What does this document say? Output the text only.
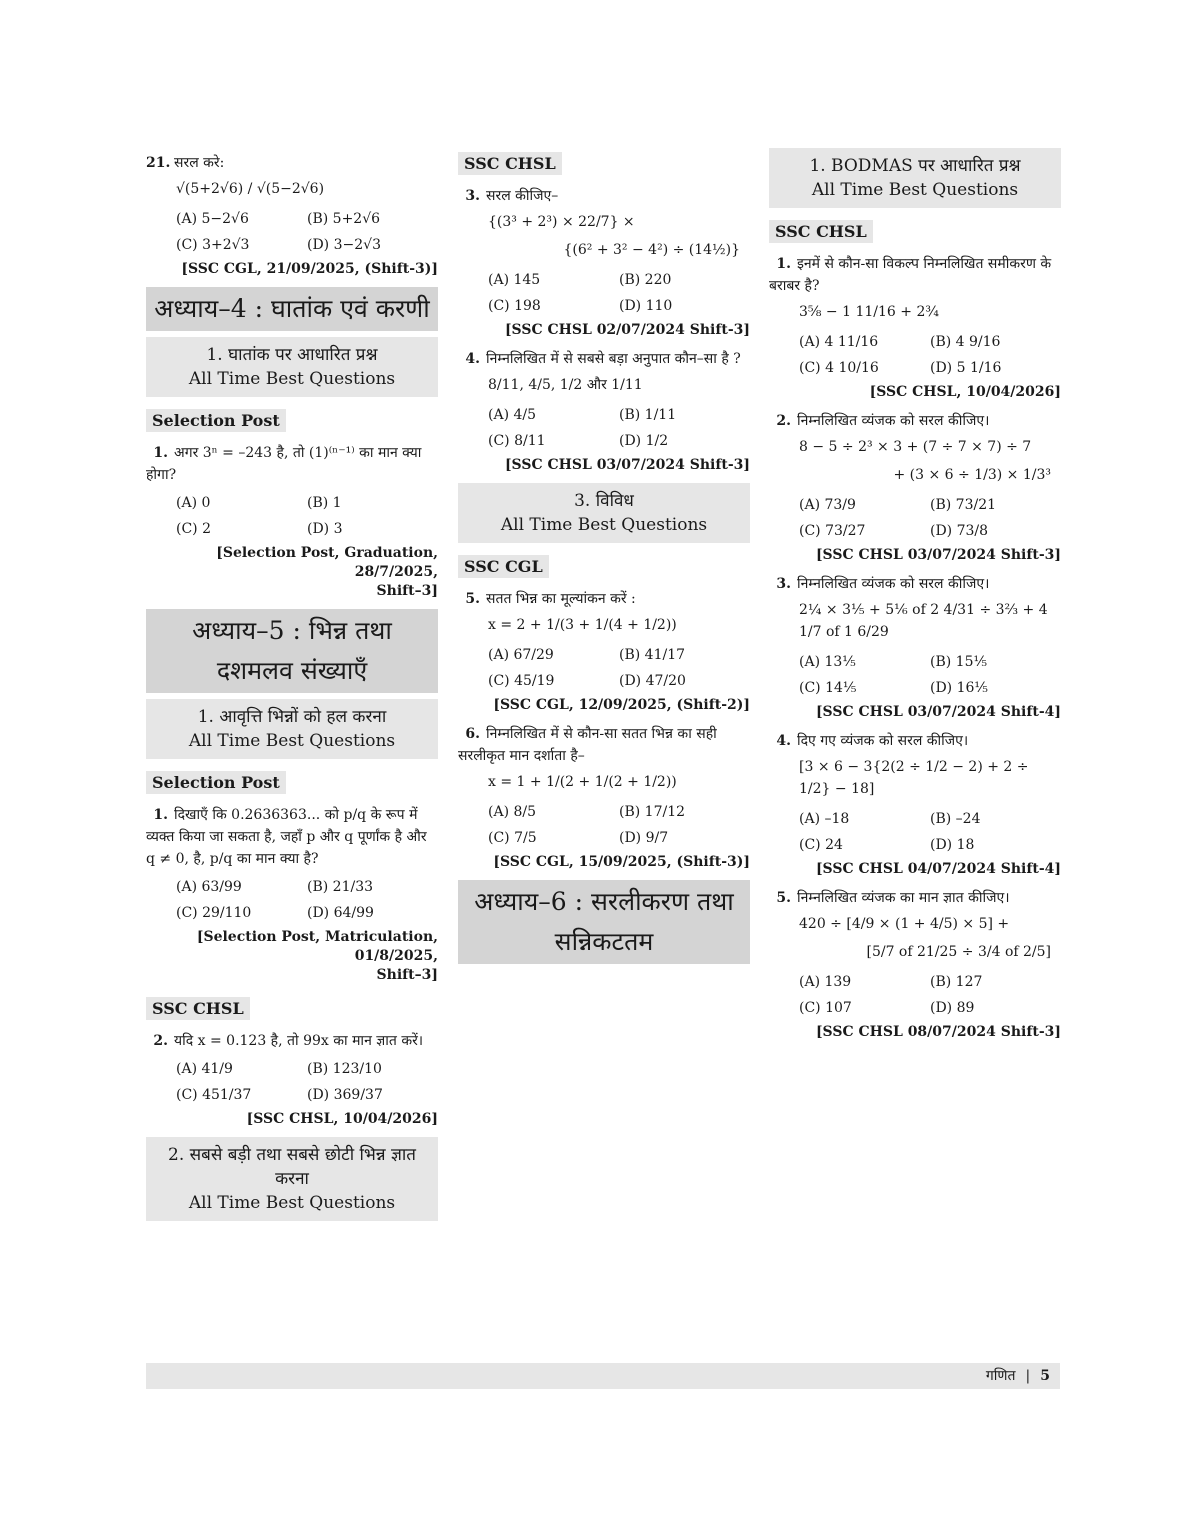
21. सरल करे:
√(5+2√6) / √(5−2√6)
(A) 5−2√6	(B) 5+2√6
(C) 3+2√3	(D) 3−2√3
[SSC CGL, 21/09/2025, (Shift-3)]
अध्याय–4 : घातांक एवं करणी
1. घातांक पर आधारित प्रश्न
All Time Best Questions
Selection Post
1. अगर 3ⁿ = –243 है, तो (1)⁽ⁿ⁻¹⁾ का मान क्या होगा?
(A) 0	(B) 1
(C) 2	(D) 3
[Selection Post, Graduation, 28/7/2025,
Shift–3]
अध्याय–5 : भिन्न तथा दशमलव संख्याएँ
1. आवृत्ति भिन्नों को हल करना
All Time Best Questions
Selection Post
1. दिखाएँ कि 0.2636363... को p/q के रूप में व्यक्त किया जा सकता है, जहाँ p और q पूर्णांक है और q ≠ 0, है, p/q का मान क्या है?
(A) 63/99	(B) 21/33
(C) 29/110	(D) 64/99
[Selection Post, Matriculation, 01/8/2025,
Shift–3]
SSC CHSL
2. यदि x = 0.123 है, तो 99x का मान ज्ञात करें।
(A) 41/9	(B) 123/10
(C) 451/37	(D) 369/37
[SSC CHSL, 10/04/2026]
2. सबसे बड़ी तथा सबसे छोटी भिन्न ज्ञात करना
All Time Best Questions
SSC CHSL
3. सरल कीजिए–
{(3³ + 2³) × 22/7} ×
{(6² + 3² − 4²) ÷ (14½)}
(A) 145	(B) 220
(C) 198	(D) 110
[SSC CHSL 02/07/2024 Shift-3]
4. निम्नलिखित में से सबसे बड़ा अनुपात कौन–सा है ?
8/11, 4/5, 1/2 और 1/11
(A) 4/5	(B) 1/11
(C) 8/11	(D) 1/2
[SSC CHSL 03/07/2024 Shift-3]
3. विविध
All Time Best Questions
SSC CGL
5. सतत भिन्न का मूल्यांकन करें :
x = 2 + 1/(3 + 1/(4 + 1/2))
(A) 67/29	(B) 41/17
(C) 45/19	(D) 47/20
[SSC CGL, 12/09/2025, (Shift-2)]
6. निम्नलिखित में से कौन-सा सतत भिन्न का सही सरलीकृत मान दर्शाता है–
x = 1 + 1/(2 + 1/(2 + 1/2))
(A) 8/5	(B) 17/12
(C) 7/5	(D) 9/7
[SSC CGL, 15/09/2025, (Shift-3)]
अध्याय–6 : सरलीकरण तथा सन्निकटतम
1. BODMAS पर आधारित प्रश्न
All Time Best Questions
SSC CHSL
1. इनमें से कौन-सा विकल्प निम्नलिखित समीकरण के बराबर है?
3⅝ − 1 11/16 + 2¾
(A) 4 11/16	(B) 4 9/16
(C) 4 10/16	(D) 5 1/16
[SSC CHSL, 10/04/2026]
2. निम्नलिखित व्यंजक को सरल कीजिए।
8 − 5 ÷ 2³ × 3 + (7 ÷ 7 × 7) ÷ 7
+ (3 × 6 ÷ 1/3) × 1/3³
(A) 73/9	(B) 73/21
(C) 73/27	(D) 73/8
[SSC CHSL 03/07/2024 Shift-3]
3. निम्नलिखित व्यंजक को सरल कीजिए।
2¼ × 3⅕ + 5⅙ of 2 4/31 ÷ 3⅔ + 4 1/7 of 1 6/29
(A) 13⅕	(B) 15⅕
(C) 14⅕	(D) 16⅕
[SSC CHSL 03/07/2024 Shift-4]
4. दिए गए व्यंजक को सरल कीजिए।
[3 × 6 − 3{2(2 ÷ 1/2 − 2) + 2 ÷ 1/2} − 18]
(A) –18	(B) –24
(C) 24	(D) 18
[SSC CHSL 04/07/2024 Shift-4]
5. निम्नलिखित व्यंजक का मान ज्ञात कीजिए।
420 ÷ [4/9 × (1 + 4/5) × 5] +
[5/7 of 21/25 ÷ 3/4 of 2/5]
(A) 139	(B) 127
(C) 107	(D) 89
[SSC CHSL 08/07/2024 Shift-3]
गणित | 5
